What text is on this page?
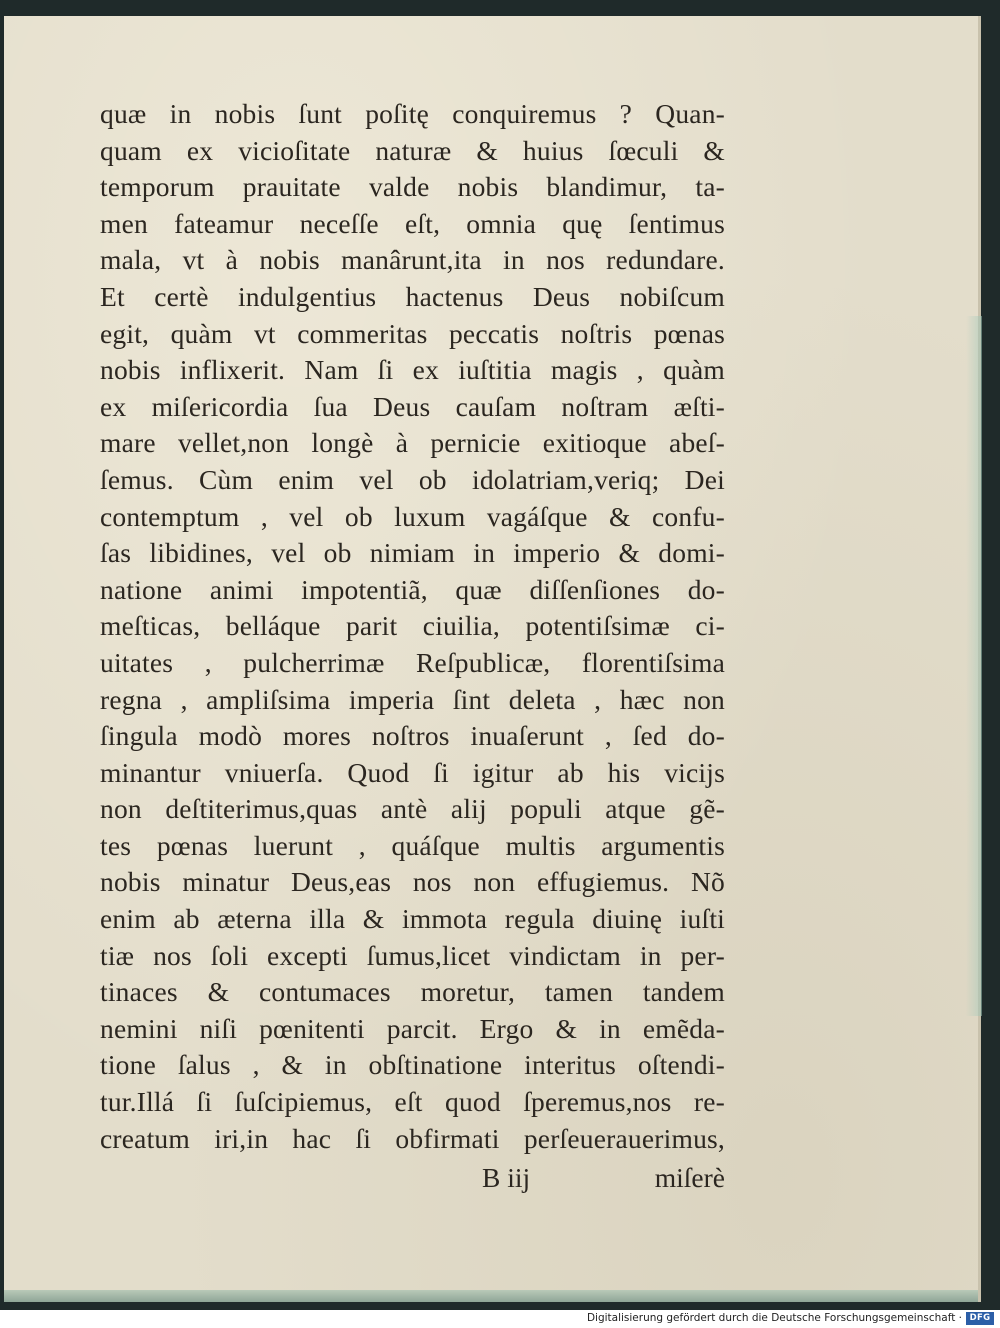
quæ in nobis ſunt poſitę conquiremus ? Quan-
quam ex vicioſitate naturæ & huius ſœculi &
temporum prauitate valde nobis blandimur, ta-
men fateamur neceſſe eſt, omnia quę ſentimus
mala, vt à nobis manârunt,ita in nos redundare.
Et certè indulgentius hactenus Deus nobiſcum
egit, quàm vt commeritas peccatis noſtris pœnas
nobis inflixerit. Nam ſi ex iuſtitia magis , quàm
ex miſericordia ſua Deus cauſam noſtram æſti-
mare vellet,non longè à pernicie exitioque abeſ-
ſemus. Cùm enim vel ob idolatriam,veriq; Dei
contemptum , vel ob luxum vagáſque & confu-
ſas libidines, vel ob nimiam in imperio & domi-
natione animi impotentiã, quæ diſſenſiones do-
meſticas, belláque parit ciuilia, potentiſsimæ ci-
uitates , pulcherrimæ Reſpublicæ, florentiſsima
regna , ampliſsima imperia ſint deleta , hæc non
ſingula modò mores noſtros inuaſerunt , ſed do-
minantur vniuerſa. Quod ſi igitur ab his vicijs
non deſtiterimus,quas antè alij populi atque gẽ-
tes pœnas luerunt , quáſque multis argumentis
nobis minatur Deus,eas nos non effugiemus. Nõ
enim ab æterna illa & immota regula diuinę iuſti
tiæ nos ſoli excepti ſumus,licet vindictam in per-
tinaces & contumaces moretur, tamen tandem
nemini niſi pœnitenti parcit. Ergo & in emẽda-
tione ſalus , & in obſtinatione interitus oſtendi-
tur.Illá ſi ſuſcipiemus, eſt quod ſperemus,nos re-
creatum iri,in hac ſi obfirmati perſeuerauerimus,
B iij	miſerè
Digitalisierung gefördert durch die Deutsche Forschungsgemeinschaft · DFG
